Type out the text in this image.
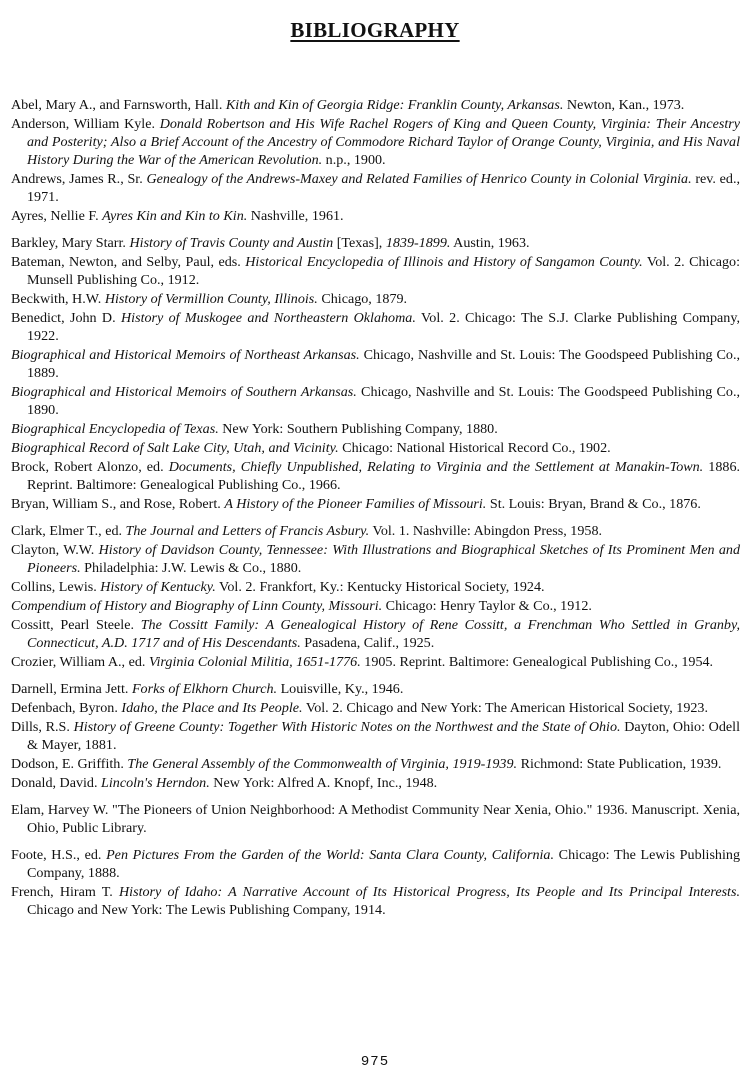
BIBLIOGRAPHY

Abel, Mary A., and Farnsworth, Hall. Kith and Kin of Georgia Ridge: Franklin County, Arkansas. Newton, Kan., 1973.

Anderson, William Kyle. Donald Robertson and His Wife Rachel Rogers of King and Queen County, Virginia: Their Ancestry and Posterity; Also a Brief Account of the Ancestry of Commodore Richard Taylor of Orange County, Virginia, and His Naval History During the War of the American Revolution. n.p., 1900.

Andrews, James R., Sr. Genealogy of the Andrews-Maxey and Related Families of Henrico County in Colonial Virginia. rev. ed., 1971.

Ayres, Nellie F. Ayres Kin and Kin to Kin. Nashville, 1961.

Barkley, Mary Starr. History of Travis County and Austin [Texas], 1839-1899. Austin, 1963.

Bateman, Newton, and Selby, Paul, eds. Historical Encyclopedia of Illinois and History of Sangamon County. Vol. 2. Chicago: Munsell Publishing Co., 1912.

Beckwith, H.W. History of Vermillion County, Illinois. Chicago, 1879.

Benedict, John D. History of Muskogee and Northeastern Oklahoma. Vol. 2. Chicago: The S.J. Clarke Publishing Company, 1922.

Biographical and Historical Memoirs of Northeast Arkansas. Chicago, Nashville and St. Louis: The Goodspeed Publishing Co., 1889.

Biographical and Historical Memoirs of Southern Arkansas. Chicago, Nashville and St. Louis: The Goodspeed Publishing Co., 1890.

Biographical Encyclopedia of Texas. New York: Southern Publishing Company, 1880.

Biographical Record of Salt Lake City, Utah, and Vicinity. Chicago: National Historical Record Co., 1902.

Brock, Robert Alonzo, ed. Documents, Chiefly Unpublished, Relating to Virginia and the Settlement at Manakin-Town. 1886. Reprint. Baltimore: Genealogical Publishing Co., 1966.

Bryan, William S., and Rose, Robert. A History of the Pioneer Families of Missouri. St. Louis: Bryan, Brand & Co., 1876.

Clark, Elmer T., ed. The Journal and Letters of Francis Asbury. Vol. 1. Nashville: Abingdon Press, 1958.

Clayton, W.W. History of Davidson County, Tennessee: With Illustrations and Biographical Sketches of Its Prominent Men and Pioneers. Philadelphia: J.W. Lewis & Co., 1880.

Collins, Lewis. History of Kentucky. Vol. 2. Frankfort, Ky.: Kentucky Historical Society, 1924.

Compendium of History and Biography of Linn County, Missouri. Chicago: Henry Taylor & Co., 1912.

Cossitt, Pearl Steele. The Cossitt Family: A Genealogical History of Rene Cossitt, a Frenchman Who Settled in Granby, Connecticut, A.D. 1717 and of His Descendants. Pasadena, Calif., 1925.

Crozier, William A., ed. Virginia Colonial Militia, 1651-1776. 1905. Reprint. Baltimore: Genealogical Publishing Co., 1954.

Darnell, Ermina Jett. Forks of Elkhorn Church. Louisville, Ky., 1946.

Defenbach, Byron. Idaho, the Place and Its People. Vol. 2. Chicago and New York: The American Historical Society, 1923.

Dills, R.S. History of Greene County: Together With Historic Notes on the Northwest and the State of Ohio. Dayton, Ohio: Odell & Mayer, 1881.

Dodson, E. Griffith. The General Assembly of the Commonwealth of Virginia, 1919-1939. Richmond: State Publication, 1939.

Donald, David. Lincoln's Herndon. New York: Alfred A. Knopf, Inc., 1948.

Elam, Harvey W. "The Pioneers of Union Neighborhood: A Methodist Community Near Xenia, Ohio." 1936. Manuscript. Xenia, Ohio, Public Library.

Foote, H.S., ed. Pen Pictures From the Garden of the World: Santa Clara County, California. Chicago: The Lewis Publishing Company, 1888.

French, Hiram T. History of Idaho: A Narrative Account of Its Historical Progress, Its People and Its Principal Interests. Chicago and New York: The Lewis Publishing Company, 1914.

975
